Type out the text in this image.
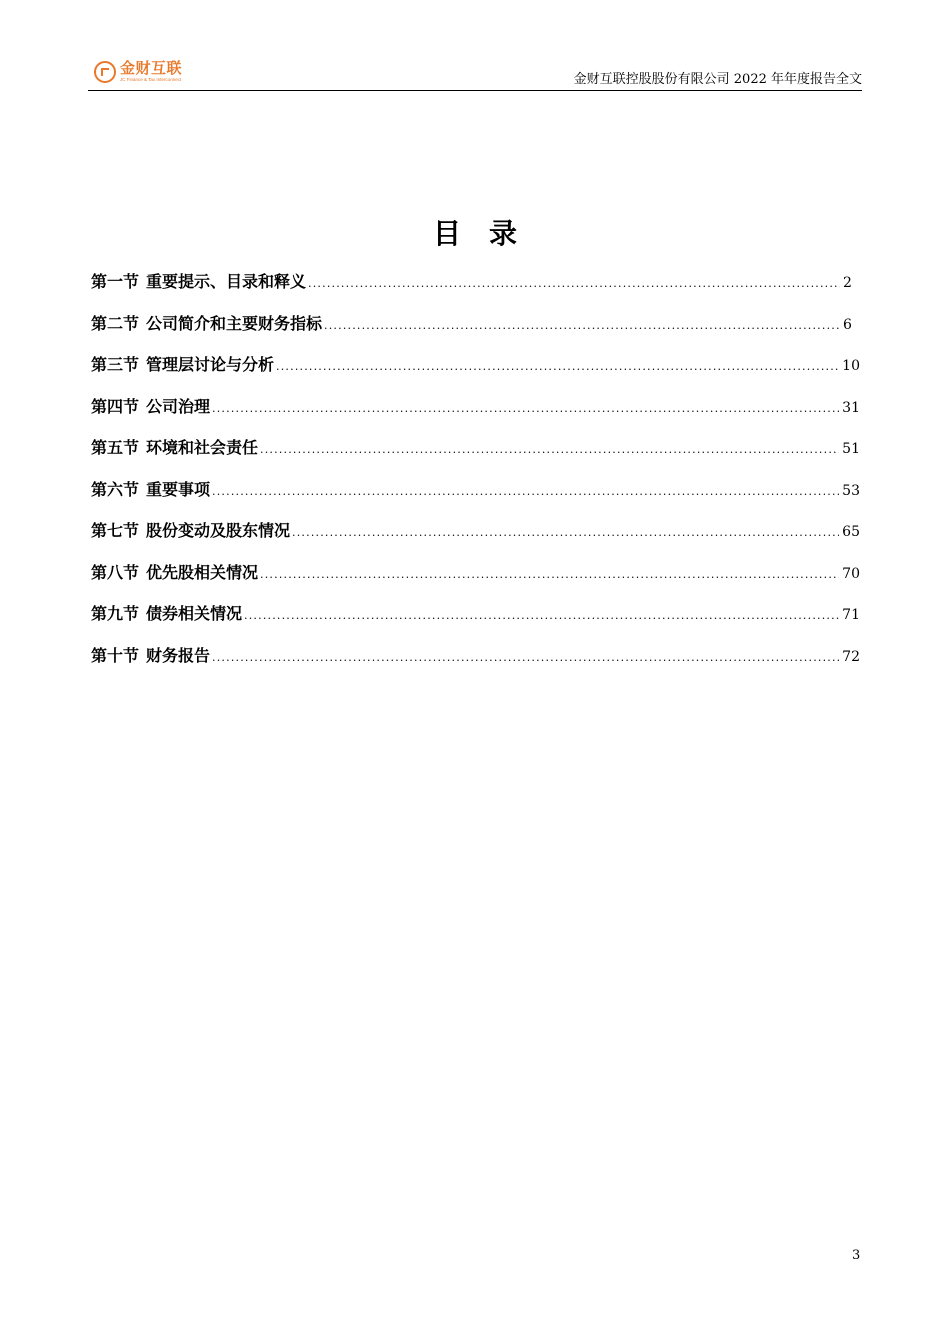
金财互联
JC Finance & Tax Interconnect	金财互联控股股份有限公司 2022 年年度报告全文
目录
第一节 重要提示、目录和释义 .....	2
第二节 公司简介和主要财务指标 .....	6
第三节 管理层讨论与分析 .....	10
第四节 公司治理 .....	31
第五节 环境和社会责任 .....	51
第六节 重要事项 .....	53
第七节 股份变动及股东情况 .....	65
第八节 优先股相关情况 .....	70
第九节 债券相关情况 .....	71
第十节 财务报告 .....	72
3
